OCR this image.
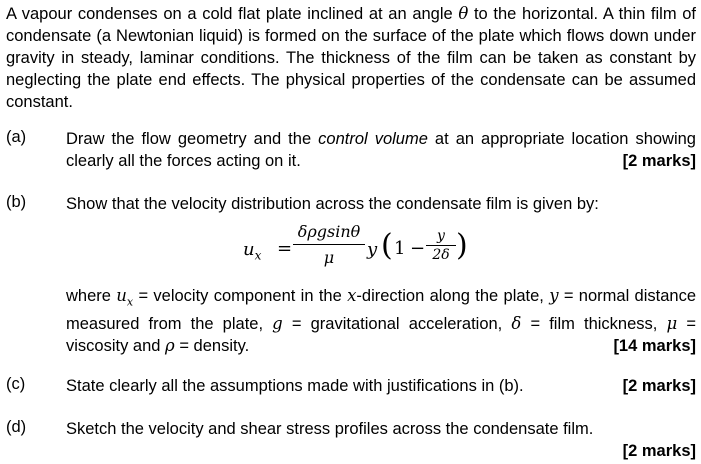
A vapour condenses on a cold flat plate inclined at an angle θ to the horizontal. A thin film of condensate (a Newtonian liquid) is formed on the surface of the plate which flows down under gravity in steady, laminar conditions. The thickness of the film can be taken as constant by neglecting the plate end effects. The physical properties of the condensate can be assumed constant.

(a) Draw the flow geometry and the control volume at an appropriate location showing clearly all the forces acting on it.	[2 marks]
(b) Show that the velocity distribution across the condensate film is given by:
$u_x$ =
δρgsinθ
μ	y ( 1 −
y
2δ )
where $u_x$ = velocity component in the x-direction along the plate, y = normal distance measured from the plate, g = gravitational acceleration, δ = film thickness, μ = viscosity and ρ = density.	[14 marks]
(c) State clearly all the assumptions made with justifications in (b).	[2 marks]
(d) Sketch the velocity and shear stress profiles across the condensate film.
[2 marks]
